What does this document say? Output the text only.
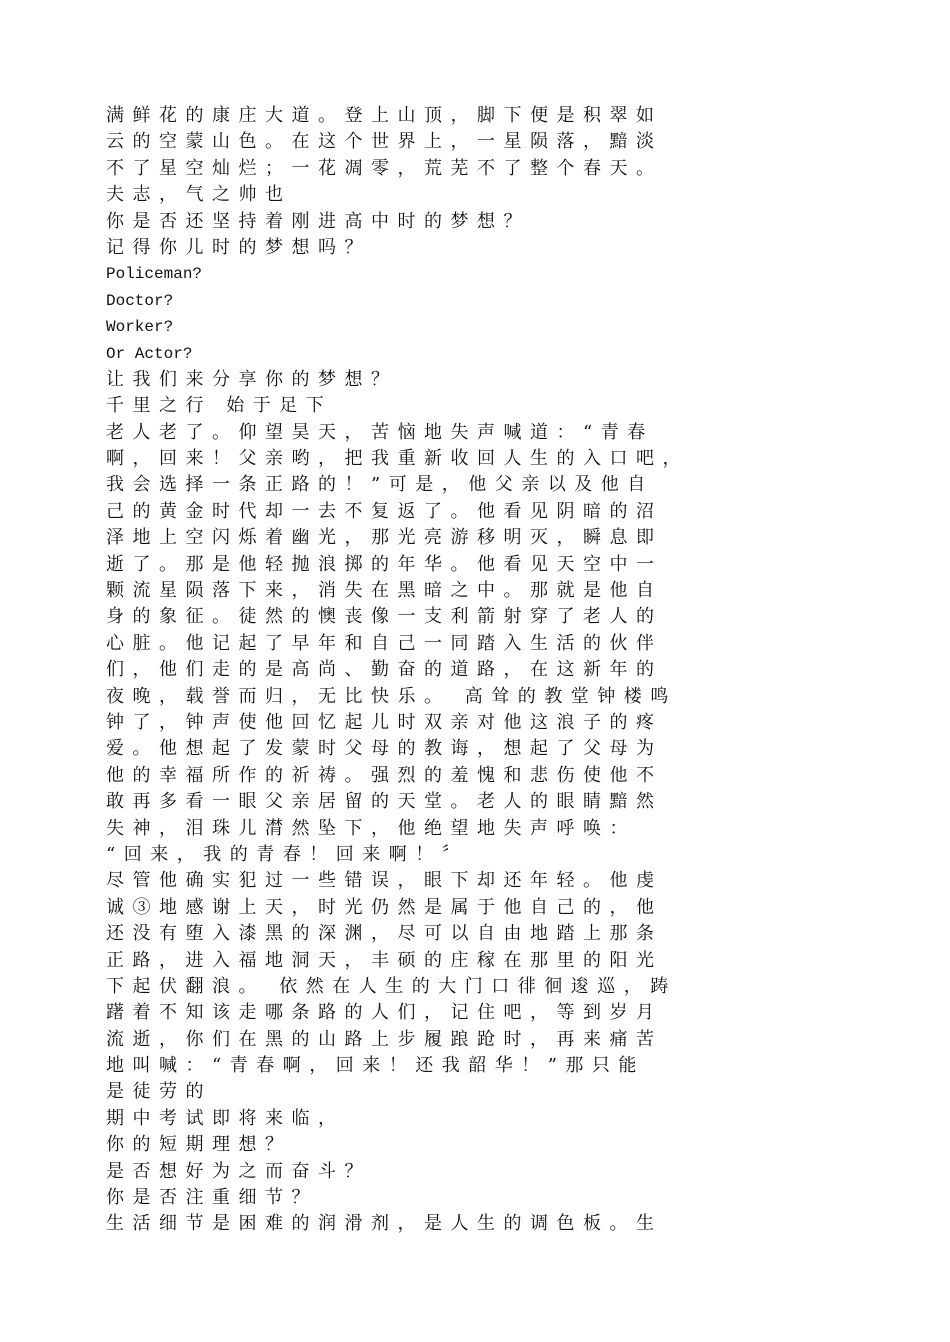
满鲜花的康庄大道。登上山顶，脚下便是积翠如
云的空蒙山色。在这个世界上，一星陨落，黯淡
不了星空灿烂；一花凋零，荒芜不了整个春天。
夫志，气之帅也
你是否还坚持着刚进高中时的梦想？
记得你儿时的梦想吗？
Policeman?
Doctor?
Worker?
Or Actor?
让我们来分享你的梦想？
千里之行 始于足下
老人老了。仰望昊天，苦恼地失声喊道：“青春
啊，回来！父亲哟，把我重新收回人生的入口吧，
我会选择一条正路的！”可是，他父亲以及他自
己的黄金时代却一去不复返了。他看见阴暗的沼
泽地上空闪烁着幽光，那光亮游移明灭，瞬息即
逝了。那是他轻抛浪掷的年华。他看见天空中一
颗流星陨落下来，消失在黑暗之中。那就是他自
身的象征。徒然的懊丧像一支利箭射穿了老人的
心脏。他记起了早年和自己一同踏入生活的伙伴
们，他们走的是高尚、勤奋的道路，在这新年的
夜晚，载誉而归，无比快乐。 高耸的教堂钟楼鸣
钟了，钟声使他回忆起儿时双亲对他这浪子的疼
爱。他想起了发蒙时父母的教诲，想起了父母为
他的幸福所作的祈祷。强烈的羞愧和悲伤使他不
敢再多看一眼父亲居留的天堂。老人的眼睛黯然
失神，泪珠儿潸然坠下，他绝望地失声呼唤：
“回来，我的青春！回来啊！〞
尽管他确实犯过一些错误，眼下却还年轻。他虔
诚③地感谢上天，时光仍然是属于他自己的，他
还没有堕入漆黑的深渊，尽可以自由地踏上那条
正路，进入福地洞天，丰硕的庄稼在那里的阳光
下起伏翻浪。 依然在人生的大门口徘徊逡巡，踌
躇着不知该走哪条路的人们，记住吧，等到岁月
流逝，你们在黑的山路上步履踉跄时，再来痛苦
地叫喊：“青春啊，回来！还我韶华！”那只能
是徒劳的
期中考试即将来临，
你的短期理想？
是否想好为之而奋斗？
你是否注重细节？
生活细节是困难的润滑剂，是人生的调色板。生
